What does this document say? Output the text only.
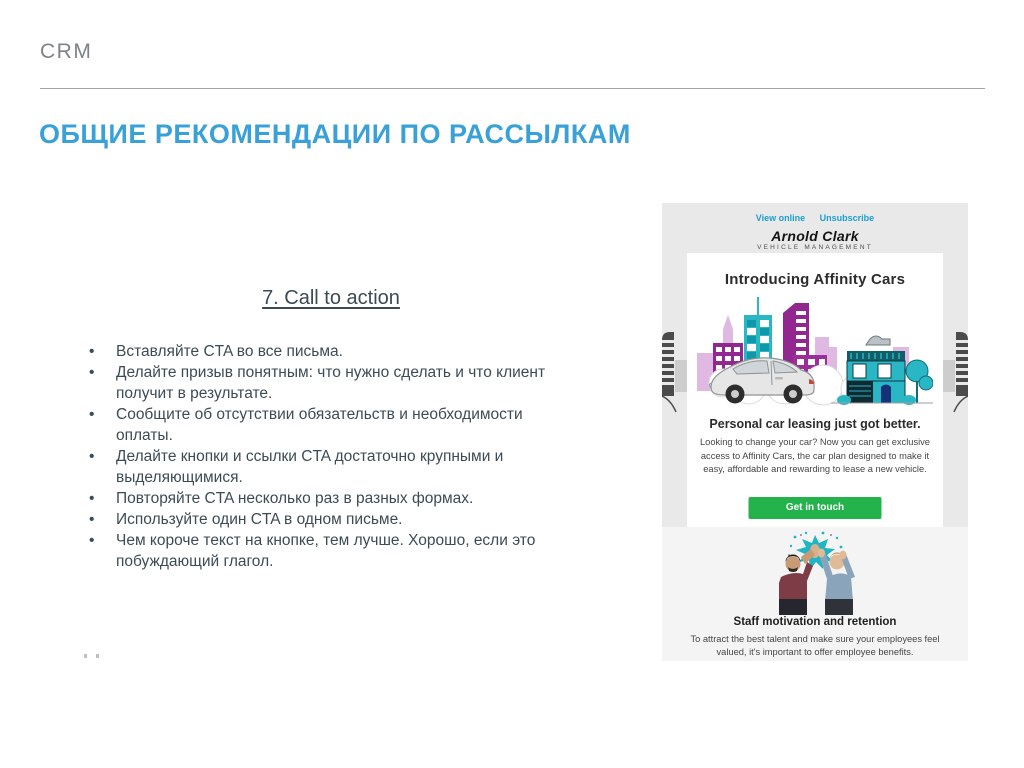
CRM
ОБЩИЕ РЕКОМЕНДАЦИИ ПО РАССЫЛКАМ
7. Call to action
• Вставляйте CTA во все письма.
• Делайте призыв понятным: что нужно сделать и что клиент получит в результате.
• Сообщите об отсутствии обязательств и необходимости оплаты.
• Делайте кнопки и ссылки CTA достаточно крупными и выделяющимися.
• Повторяйте CTA несколько раз в разных формах.
• Используйте один CTA в одном письме.
• Чем короче текст на кнопке, тем лучше. Хорошо, если это побуждающий глагол.
View online Unsubscribe
Arnold Clark
VEHICLE MANAGEMENT
Introducing Affinity Cars
Personal car leasing just got better.

Looking to change your car? Now you can get exclusive access to Affinity Cars, the car plan designed to make it easy, affordable and rewarding to lease a new vehicle.

Get in touch
Staff motivation and retention

To attract the best talent and make sure your employees feel valued, it's important to offer employee benefits.
